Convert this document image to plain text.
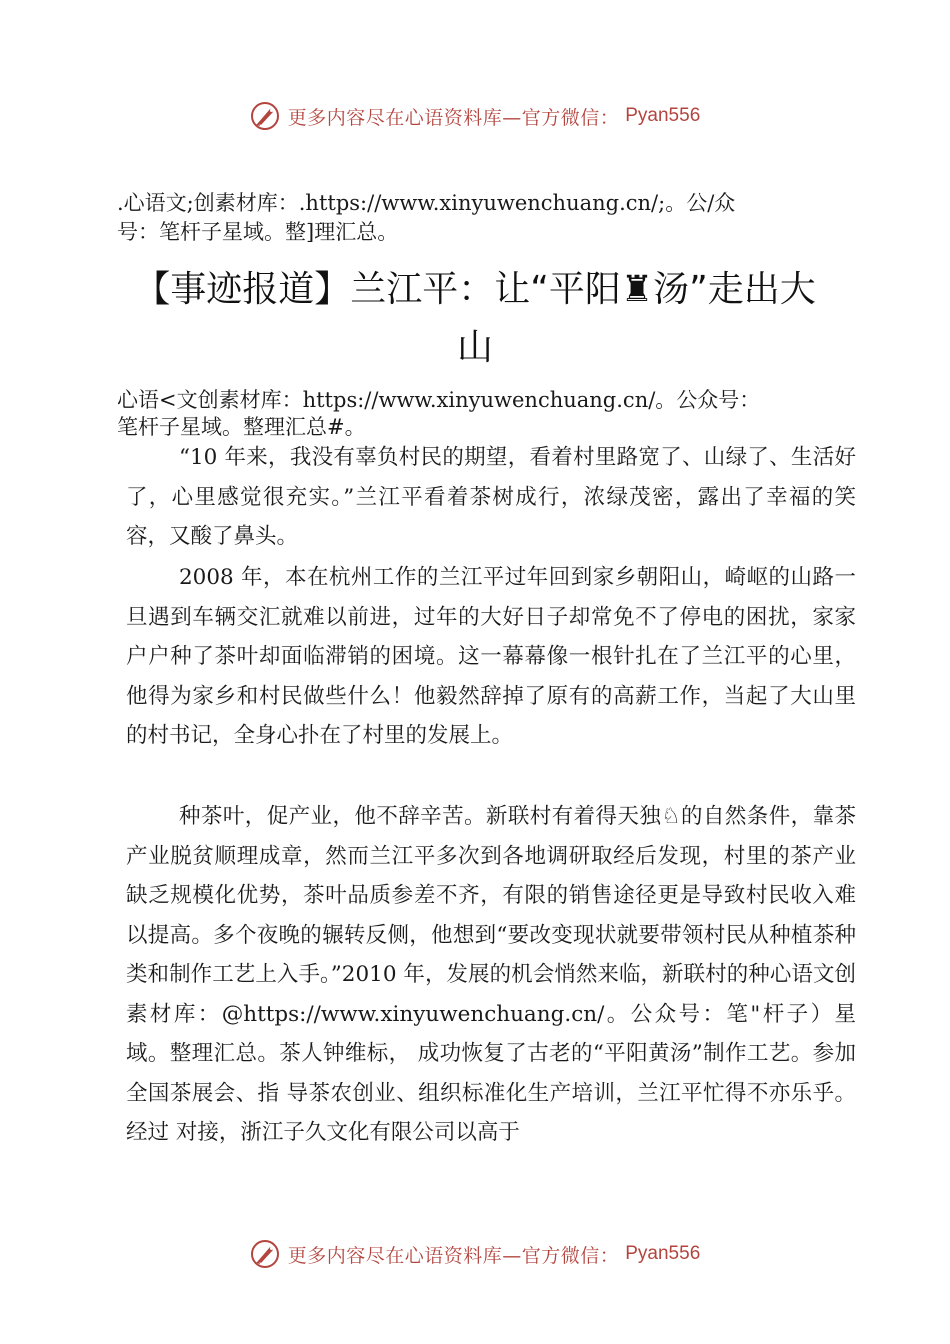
更多内容尽在心语资料库—官方微信： Pyan556
.心语文;创素材库：.https://www.xinyuwenchuang.cn/;。公/众
号：笔杆子星域。整]理汇总。
【事迹报道】兰江平：让“平阳♜汤”走出大
山
心语<文创素材库：https://www.xinyuwenchuang.cn/。公众号：
笔杆子星域。整理汇总#。

“10 年来，我没有辜负村民的期望，看着村里路宽了、山绿了、生活好了，心里感觉很充实。”兰江平看着茶树成行，浓绿茂密，露出了幸福的笑容，又酸了鼻头。

2008 年，本在杭州工作的兰江平过年回到家乡朝阳山，崎岖的山路一旦遇到车辆交汇就难以前进，过年的大好日子却常免不了停电的困扰，家家户户种了茶叶却面临滞销的困境。这一幕幕像一根针扎在了兰江平的心里，他得为家乡和村民做些什么！他毅然辞掉了原有的高薪工作，当起了大山里的村书记，全身心扑在了村里的发展上。

种茶叶，促产业，他不辞辛苦。新联村有着得天独♘的自然条件，靠茶产业脱贫顺理成章，然而兰江平多次到各地调研取经后发现，村里的茶产业缺乏规模化优势，茶叶品质参差不齐，有限的销售途径更是导致村民收入难以提高。多个夜晚的辗转反侧，他想到“要改变现状就要带领村民从种植茶种类和制作工艺上入手。”2010 年，发展的机会悄然来临，新联村的种心语文创素材库：@https://www.xinyuwenchuang.cn/。公众号：笔"杆子）星域。整理汇总。茶人钟维标， 成功恢复了古老的“平阳黄汤”制作工艺。参加全国茶展会、指 导茶农创业、组织标准化生产培训，兰江平忙得不亦乐乎。经过 对接，浙江子久文化有限公司以高于

更多内容尽在心语资料库—官方微信： Pyan556
